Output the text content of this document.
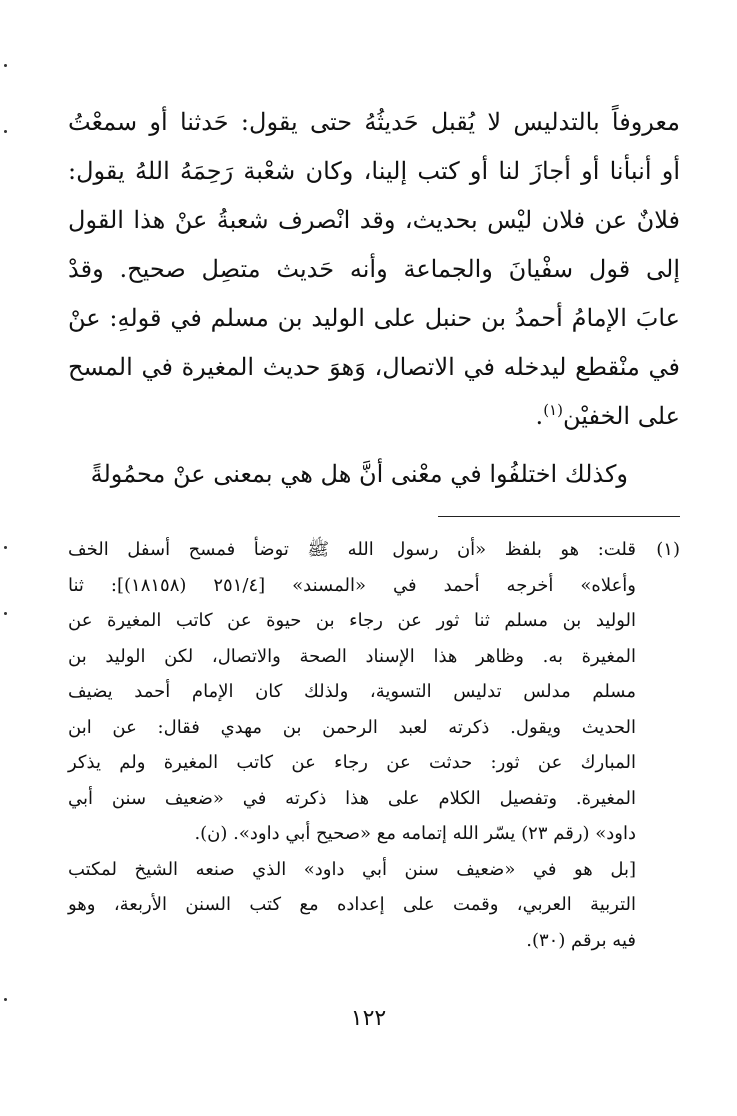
معروفاً بالتدليس لا يُقبل حَديثُهُ حتى يقول: حَدثنا أو سمعْتُ
أو أنبأنا أو أجازَ لنا أو كتب إلينا، وكان شعْبة رَحِمَهُ اللهُ يقول:
فلانٌ عن فلان ليْس بحديث، وقد انْصرف شعبةُ عنْ هذا القول
إلى قول سفْيانَ والجماعة وأنه حَديث متصِل صحيح. وقدْ
عابَ الإمامُ أحمدُ بن حنبل على الوليد بن مسلم في قولهِ: عنْ
في منْقطع ليدخله في الاتصال، وَهوَ حديث المغيرة في المسح
على الخفيْن$^{(١)}$.
وكذلك اختلفُوا في معْنى أنَّ هل هي بمعنى عنْ محمُولةً
(١)
قلت: هو بلفظ «أن رسول الله ﷺ توضأ فمسح أسفل الخف
وأعلاه» أخرجه أحمد في «المسند» [٢٥١/٤ (١٨١٥٨)]: ثنا
الوليد بن مسلم ثنا ثور عن رجاء بن حيوة عن كاتب المغيرة عن
المغيرة به. وظاهر هذا الإسناد الصحة والاتصال، لكن الوليد بن
مسلم مدلس تدليس التسوية، ولذلك كان الإمام أحمد يضيف
الحديث ويقول. ذكرته لعبد الرحمن بن مهدي فقال: عن ابن
المبارك عن ثور: حدثت عن رجاء عن كاتب المغيرة ولم يذكر
المغيرة. وتفصيل الكلام على هذا ذكرته في «ضعيف سنن أبي
داود» (رقم ٢٣) يسّر الله إتمامه مع «صحيح أبي داود». (ن).
[بل هو في «ضعيف سنن أبي داود» الذي صنعه الشيخ لمكتب
التربية العربي، وقمت على إعداده مع كتب السنن الأربعة، وهو
فيه برقم (٣٠).
١٢٢
